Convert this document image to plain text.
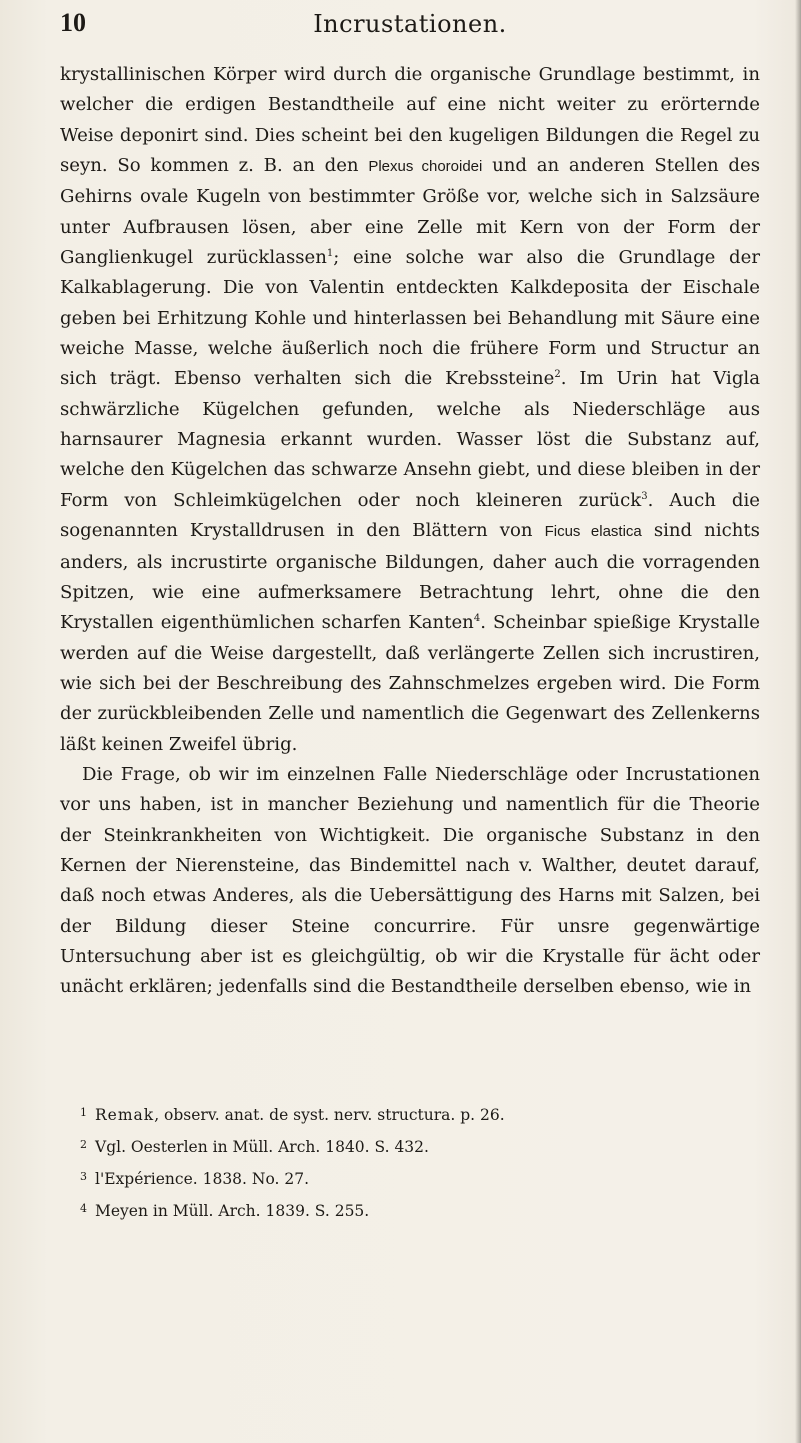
10	Incrustationen.

krystallinischen Körper wird durch die organische Grundlage bestimmt, in welcher die erdigen Bestandtheile auf eine nicht weiter zu erörternde Weise deponirt sind. Dies scheint bei den kugeligen Bildungen die Regel zu seyn. So kommen z. B. an den Plexus choroidei und an anderen Stellen des Gehirns ovale Kugeln von bestimmter Größe vor, welche sich in Salzsäure unter Aufbrausen lösen, aber eine Zelle mit Kern von der Form der Ganglienkugel zurücklassen$^1$; eine solche war also die Grundlage der Kalkablagerung. Die von Valentin entdeckten Kalkdeposita der Eischale geben bei Erhitzung Kohle und hinterlassen bei Behandlung mit Säure eine weiche Masse, welche äußerlich noch die frühere Form und Structur an sich trägt. Ebenso verhalten sich die Krebssteine$^2$. Im Urin hat Vigla schwärzliche Kügelchen gefunden, welche als Niederschläge aus harnsaurer Magnesia erkannt wurden. Wasser löst die Substanz auf, welche den Kügelchen das schwarze Ansehn giebt, und diese bleiben in der Form von Schleimkügelchen oder noch kleineren zurück$^3$. Auch die sogenannten Krystalldrusen in den Blättern von Ficus elastica sind nichts anders, als incrustirte organische Bildungen, daher auch die vorragenden Spitzen, wie eine aufmerksamere Betrachtung lehrt, ohne die den Krystallen eigenthümlichen scharfen Kanten$^4$. Scheinbar spießige Krystalle werden auf die Weise dargestellt, daß verlängerte Zellen sich incrustiren, wie sich bei der Beschreibung des Zahnschmelzes ergeben wird. Die Form der zurückbleibenden Zelle und namentlich die Gegenwart des Zellenkerns läßt keinen Zweifel übrig.

Die Frage, ob wir im einzelnen Falle Niederschläge oder Incrustationen vor uns haben, ist in mancher Beziehung und namentlich für die Theorie der Steinkrankheiten von Wichtigkeit. Die organische Substanz in den Kernen der Nierensteine, das Bindemittel nach v. Walther, deutet darauf, daß noch etwas Anderes, als die Uebersättigung des Harns mit Salzen, bei der Bildung dieser Steine concurrire. Für unsre gegenwärtige Untersuchung aber ist es gleichgültig, ob wir die Krystalle für ächt oder unächt erklären; jedenfalls sind die Bestandtheile derselben ebenso, wie in

$^1$ Remak, observ. anat. de syst. nerv. structura. p. 26.
$^2$ Vgl. Oesterlen in Müll. Arch. 1840. S. 432.
$^3$ l'Expérience. 1838. No. 27.
$^4$ Meyen in Müll. Arch. 1839. S. 255.
